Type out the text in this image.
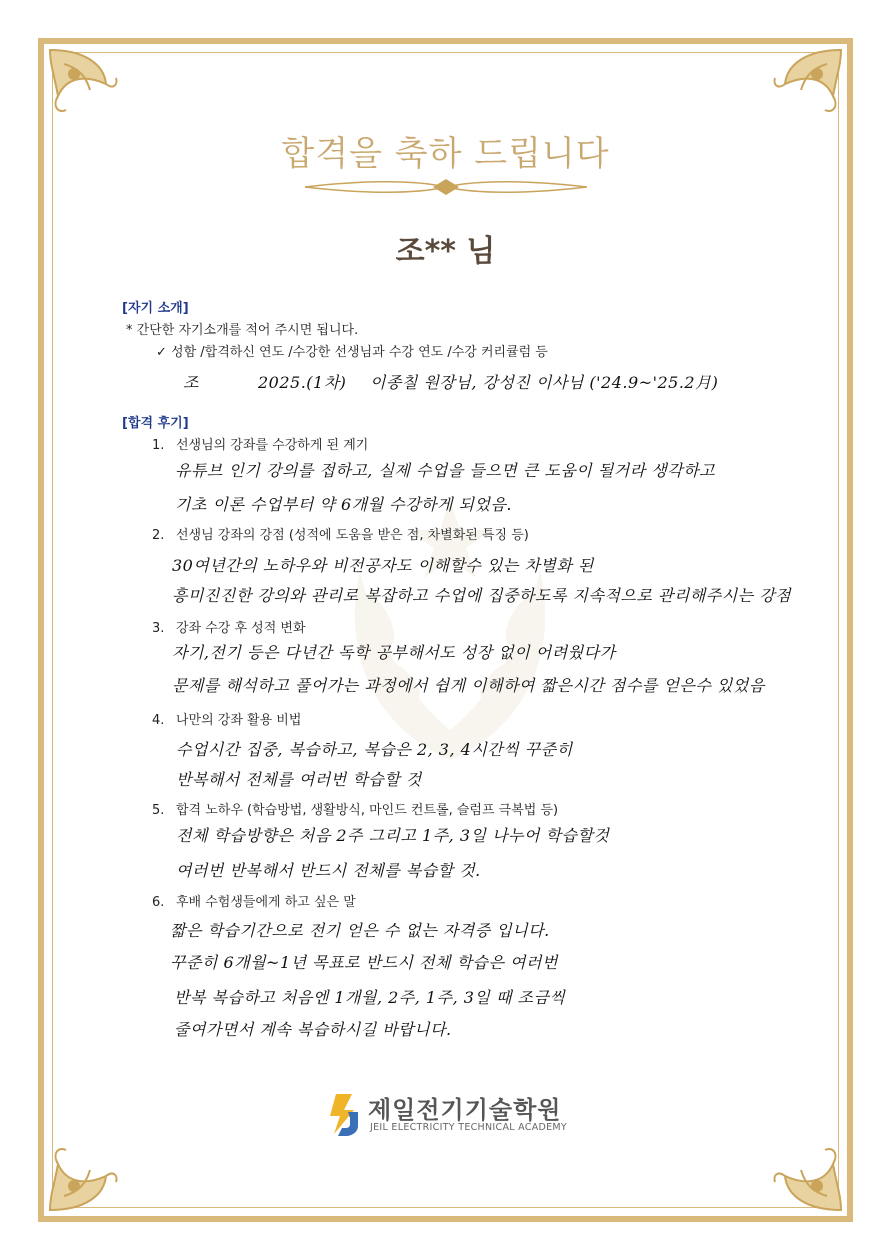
합격을 축하 드립니다
조** 님
[자기 소개]
* 간단한 자기소개를 적어 주시면 됩니다.
✓ 성함 /합격하신 연도 /수강한 선생님과 수강 연도 /수강 커리큘럼 등
조	2025.(1차) 이종칠 원장님, 강성진 이사님 ('24.9~'25.2月)
[합격 후기]
1. 선생님의 강좌를 수강하게 된 계기
유튜브 인기 강의를 접하고, 실제 수업을 들으면 큰 도움이 될거라 생각하고
기초 이론 수업부터 약 6개월 수강하게 되었음.
2. 선생님 강좌의 강점 (성적에 도움을 받은 점, 차별화된 특징 등)
30여년간의 노하우와 비전공자도 이해할수 있는 차별화 된
흥미진진한 강의와 관리로 복잡하고 수업에 집중하도록 지속적으로 관리해주시는 강점
3. 강좌 수강 후 성적 변화
자기,전기 등은 다년간 독학 공부해서도 성장 없이 어려웠다가
문제를 해석하고 풀어가는 과정에서 쉽게 이해하여 짧은시간 점수를 얻은수 있었음
4. 나만의 강좌 활용 비법
수업시간 집중, 복습하고, 복습은 2, 3, 4시간씩 꾸준히
반복해서 전체를 여러번 학습할 것
5. 합격 노하우 (학습방법, 생활방식, 마인드 컨트롤, 슬럼프 극복법 등)
전체 학습방향은 처음 2주 그리고 1주, 3일 나누어 학습할것
여러번 반복해서 반드시 전체를 복습할 것.
6. 후배 수험생들에게 하고 싶은 말
짧은 학습기간으로 전기 얻은 수 없는 자격증 입니다.
꾸준히 6개월~1년 목표로 반드시 전체 학습은 여러번
반복 복습하고 처음엔 1개월, 2주, 1주, 3일 때 조금씩
줄여가면서 계속 복습하시길 바랍니다.
제일전기기술학원
JEIL ELECTRICITY TECHNICAL ACADEMY
